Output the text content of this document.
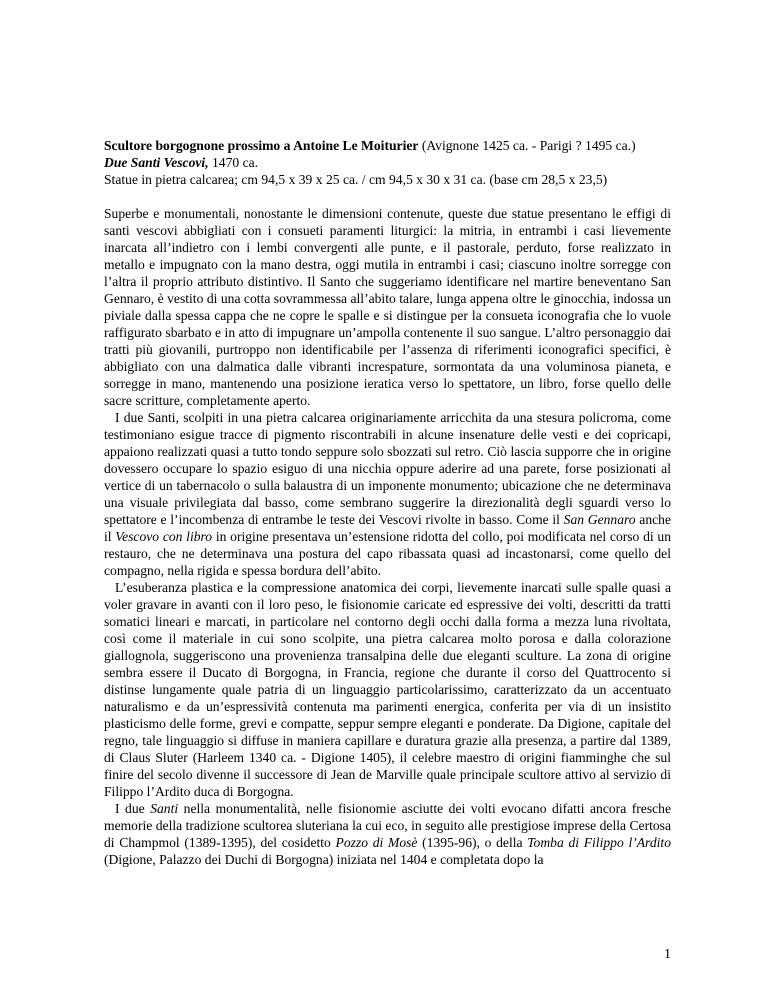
Scultore borgognone prossimo a Antoine Le Moiturier (Avignone 1425 ca. - Parigi ? 1495 ca.)
Due Santi Vescovi, 1470 ca.
Statue in pietra calcarea; cm 94,5 x 39 x 25 ca. / cm 94,5 x 30 x 31 ca. (base cm 28,5 x 23,5)

Superbe e monumentali, nonostante le dimensioni contenute, queste due statue presentano le effigi di santi vescovi abbigliati con i consueti paramenti liturgici: la mitria, in entrambi i casi lievemente inarcata all’indietro con i lembi convergenti alle punte, e il pastorale, perduto, forse realizzato in metallo e impugnato con la mano destra, oggi mutila in entrambi i casi; ciascuno inoltre sorregge con l’altra il proprio attributo distintivo. Il Santo che suggeriamo identificare nel martire beneventano San Gennaro, è vestito di una cotta sovrammessa all’abito talare, lunga appena oltre le ginocchia, indossa un piviale dalla spessa cappa che ne copre le spalle e si distingue per la consueta iconografia che lo vuole raffigurato sbarbato e in atto di impugnare un’ampolla contenente il suo sangue. L’altro personaggio dai tratti più giovanili, purtroppo non identificabile per l’assenza di riferimenti iconografici specifici, è abbigliato con una dalmatica dalle vibranti increspature, sormontata da una voluminosa pianeta, e sorregge in mano, mantenendo una posizione ieratica verso lo spettatore, un libro, forse quello delle sacre scritture, completamente aperto.

I due Santi, scolpiti in una pietra calcarea originariamente arricchita da una stesura policroma, come testimoniano esigue tracce di pigmento riscontrabili in alcune insenature delle vesti e dei copricapi, appaiono realizzati quasi a tutto tondo seppure solo sbozzati sul retro. Ciò lascia supporre che in origine dovessero occupare lo spazio esiguo di una nicchia oppure aderire ad una parete, forse posizionati al vertice di un tabernacolo o sulla balaustra di un imponente monumento; ubicazione che ne determinava una visuale privilegiata dal basso, come sembrano suggerire la direzionalità degli sguardi verso lo spettatore e l’incombenza di entrambe le teste dei Vescovi rivolte in basso. Come il San Gennaro anche il Vescovo con libro in origine presentava un’estensione ridotta del collo, poi modificata nel corso di un restauro, che ne determinava una postura del capo ribassata quasi ad incastonarsi, come quello del compagno, nella rigida e spessa bordura dell’abito.

L’esuberanza plastica e la compressione anatomica dei corpi, lievemente inarcati sulle spalle quasi a voler gravare in avanti con il loro peso, le fisionomie caricate ed espressive dei volti, descritti da tratti somatici lineari e marcati, in particolare nel contorno degli occhi dalla forma a mezza luna rivoltata, così come il materiale in cui sono scolpite, una pietra calcarea molto porosa e dalla colorazione giallognola, suggeriscono una provenienza transalpina delle due eleganti sculture. La zona di origine sembra essere il Ducato di Borgogna, in Francia, regione che durante il corso del Quattrocento si distinse lungamente quale patria di un linguaggio particolarissimo, caratterizzato da un accentuato naturalismo e da un’espressività contenuta ma parimenti energica, conferita per via di un insistito plasticismo delle forme, grevi e compatte, seppur sempre eleganti e ponderate. Da Digione, capitale del regno, tale linguaggio si diffuse in maniera capillare e duratura grazie alla presenza, a partire dal 1389, di Claus Sluter (Harleem 1340 ca. - Digione 1405), il celebre maestro di origini fiamminghe che sul finire del secolo divenne il successore di Jean de Marville quale principale scultore attivo al servizio di Filippo l’Ardito duca di Borgogna.

I due Santi nella monumentalità, nelle fisionomie asciutte dei volti evocano difatti ancora fresche memorie della tradizione scultorea sluteriana la cui eco, in seguito alle prestigiose imprese della Certosa di Champmol (1389-1395), del cosidetto Pozzo di Mosè (1395-96), o della Tomba di Filippo l’Ardito (Digione, Palazzo dei Duchi di Borgogna) iniziata nel 1404 e completata dopo la

1
